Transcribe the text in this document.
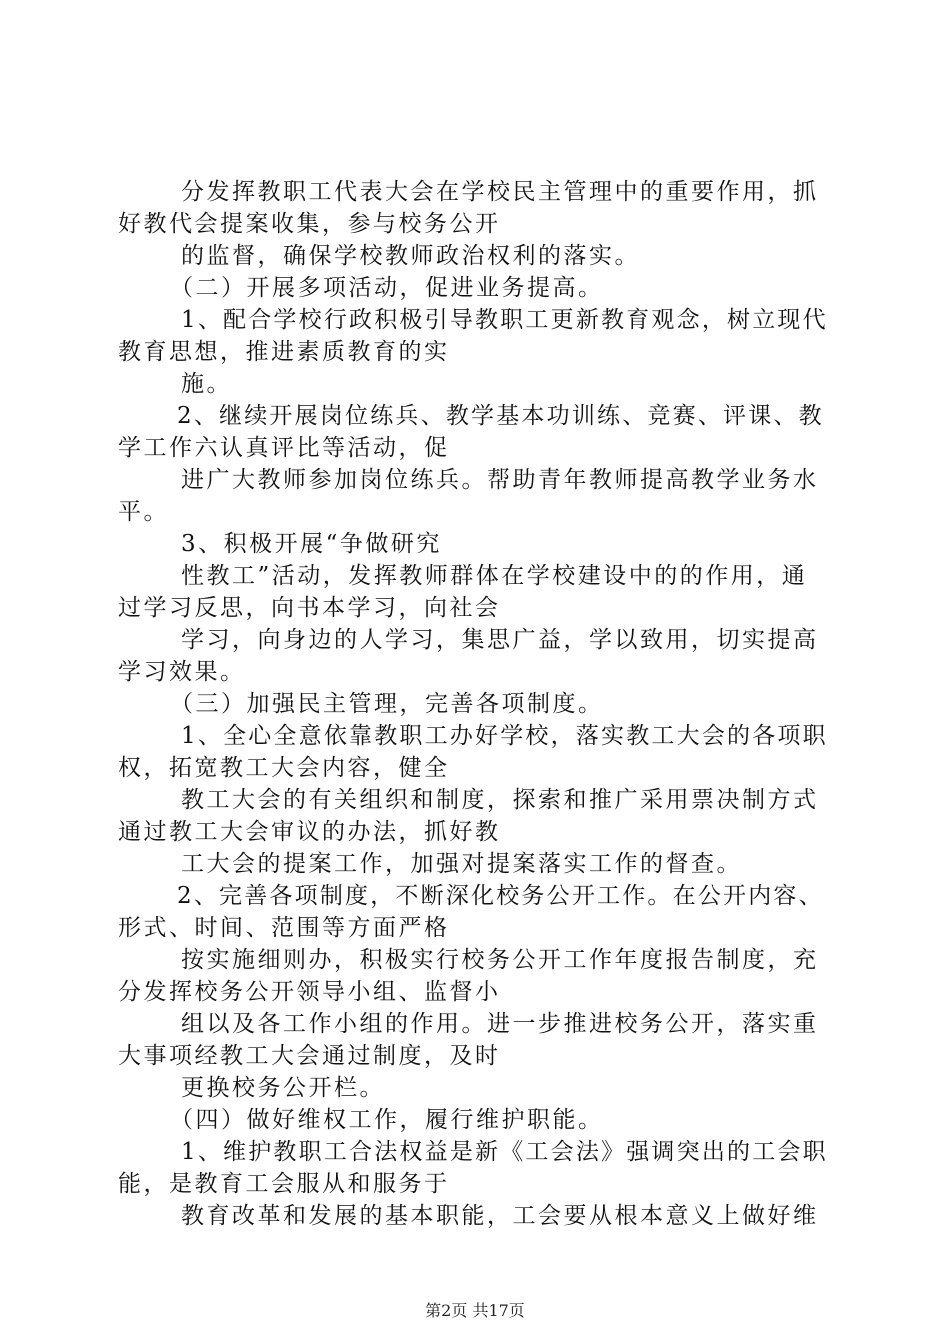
分发挥教职工代表大会在学校民主管理中的重要作用，抓
好教代会提案收集，参与校务公开
的监督，确保学校教师政治权利的落实。
（二）开展多项活动，促进业务提高。
1、配合学校行政积极引导教职工更新教育观念，树立现代
教育思想，推进素质教育的实
施。
2、继续开展岗位练兵、教学基本功训练、竞赛、评课、教
学工作六认真评比等活动，促
进广大教师参加岗位练兵。帮助青年教师提高教学业务水
平。
3、积极开展“争做研究
性教工”活动，发挥教师群体在学校建设中的的作用，通
过学习反思，向书本学习，向社会
学习，向身边的人学习，集思广益，学以致用，切实提高
学习效果。
（三）加强民主管理，完善各项制度。
1、全心全意依靠教职工办好学校，落实教工大会的各项职
权，拓宽教工大会内容，健全
教工大会的有关组织和制度，探索和推广采用票决制方式
通过教工大会审议的办法，抓好教
工大会的提案工作，加强对提案落实工作的督查。
2、完善各项制度，不断深化校务公开工作。在公开内容、
形式、时间、范围等方面严格
按实施细则办，积极实行校务公开工作年度报告制度，充
分发挥校务公开领导小组、监督小
组以及各工作小组的作用。进一步推进校务公开，落实重
大事项经教工大会通过制度，及时
更换校务公开栏。
（四）做好维权工作，履行维护职能。
1、维护教职工合法权益是新《工会法》强调突出的工会职
能，是教育工会服从和服务于
教育改革和发展的基本职能，工会要从根本意义上做好维
第2页 共17页
